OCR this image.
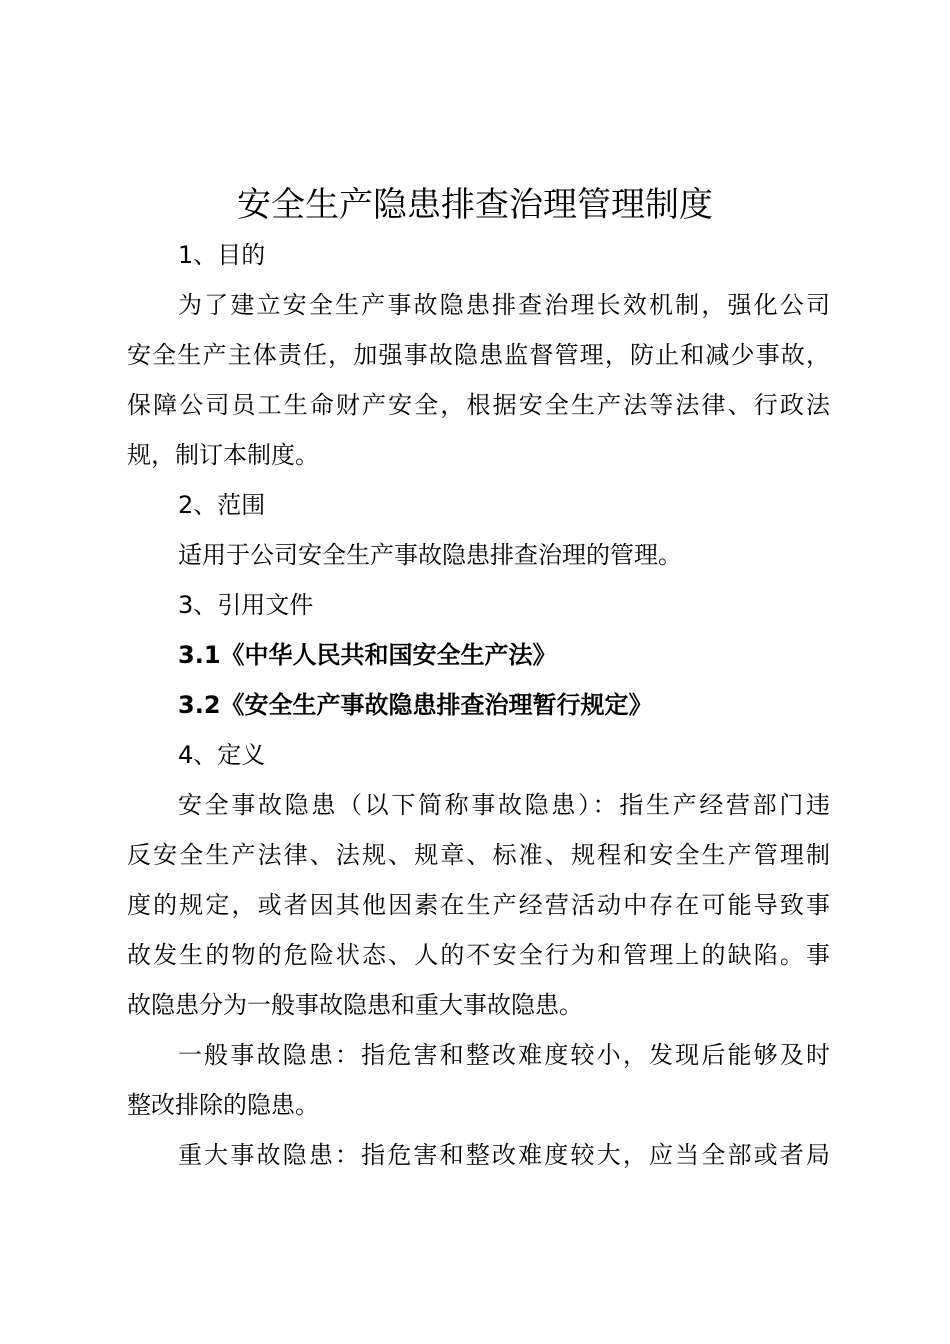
安全生产隐患排查治理管理制度
1、目的
为了建立安全生产事故隐患排查治理长效机制，强化公司
安全生产主体责任，加强事故隐患监督管理，防止和减少事故，
保障公司员工生命财产安全，根据安全生产法等法律、行政法
规，制订本制度。
2、范围
适用于公司安全生产事故隐患排查治理的管理。
3、引用文件
3.1《中华人民共和国安全生产法》
3.2《安全生产事故隐患排查治理暂行规定》
4、定义
安全事故隐患（以下简称事故隐患）：指生产经营部门违
反安全生产法律、法规、规章、标准、规程和安全生产管理制
度的规定，或者因其他因素在生产经营活动中存在可能导致事
故发生的物的危险状态、人的不安全行为和管理上的缺陷。事
故隐患分为一般事故隐患和重大事故隐患。
一般事故隐患：指危害和整改难度较小，发现后能够及时
整改排除的隐患。
重大事故隐患：指危害和整改难度较大，应当全部或者局
